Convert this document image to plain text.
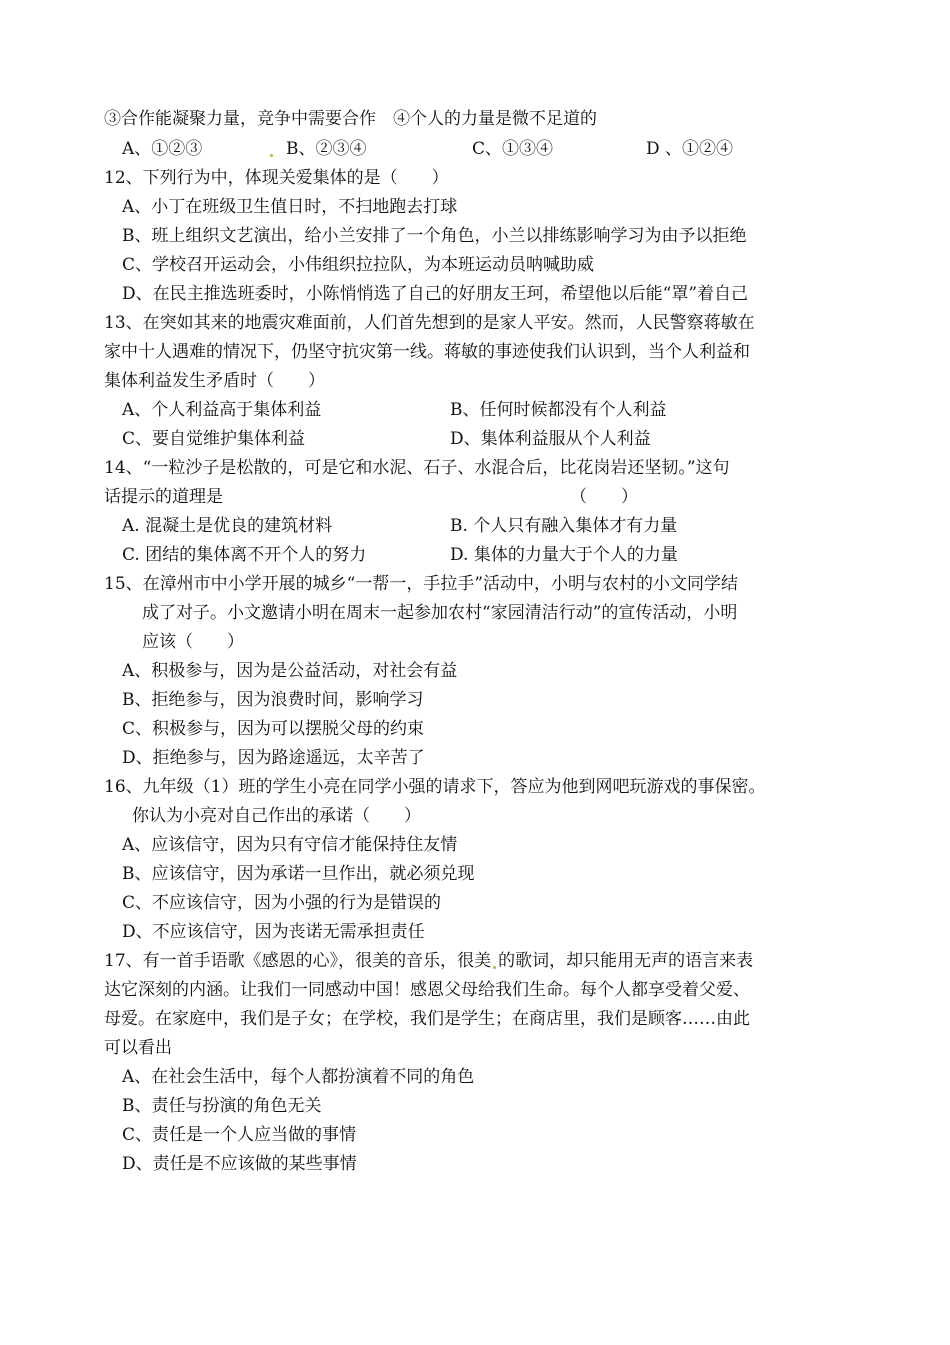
③合作能凝聚力量，竞争中需要合作　④个人的力量是微不足道的
A、①②③	B、②③④	C、①③④	D 、①②④
12、下列行为中，体现关爱集体的是（　　）
A、小丁在班级卫生值日时，不扫地跑去打球
B、班上组织文艺演出，给小兰安排了一个角色，小兰以排练影响学习为由予以拒绝
C、学校召开运动会，小伟组织拉拉队，为本班运动员呐喊助威
D、在民主推选班委时，小陈悄悄选了自己的好朋友王珂，希望他以后能“罩”着自己
13、在突如其来的地震灾难面前，人们首先想到的是家人平安。然而，人民警察蒋敏在
家中十人遇难的情况下，仍坚守抗灾第一线。蒋敏的事迹使我们认识到，当个人利益和
集体利益发生矛盾时（　　）
A、个人利益高于集体利益	B、任何时候都没有个人利益
C、要自觉维护集体利益	D、集体利益服从个人利益
14、“一粒沙子是松散的，可是它和水泥、石子、水混合后，比花岗岩还坚韧。”这句
话提示的道理是	（　　）
A. 混凝土是优良的建筑材料	B. 个人只有融入集体才有力量
C. 团结的集体离不开个人的努力	D. 集体的力量大于个人的力量
15、在漳州市中小学开展的城乡“一帮一，手拉手”活动中，小明与农村的小文同学结
成了对子。小文邀请小明在周末一起参加农村“家园清洁行动”的宣传活动，小明
应该（　　）
A、积极参与，因为是公益活动，对社会有益
B、拒绝参与，因为浪费时间，影响学习
C、积极参与，因为可以摆脱父母的约束
D、拒绝参与，因为路途遥远，太辛苦了
16、九年级（1）班的学生小亮在同学小强的请求下，答应为他到网吧玩游戏的事保密。
你认为小亮对自己作出的承诺（　　）
A、应该信守，因为只有守信才能保持住友情
B、应该信守，因为承诺一旦作出，就必须兑现
C、不应该信守，因为小强的行为是错误的
D、不应该信守，因为丧诺无需承担责任
17、有一首手语歌《感恩的心》，很美的音乐，很美 的歌词，却只能用无声的语言来表
达它深刻的内涵。让我们一同感动中国！感恩父母给我们生命。每个人都享受着父爱、
母爱。在家庭中，我们是子女；在学校，我们是学生；在商店里，我们是顾客……由此
可以看出
A、在社会生活中，每个人都扮演着不同的角色
B、责任与扮演的角色无关
C、责任是一个人应当做的事情
D、责任是不应该做的某些事情
